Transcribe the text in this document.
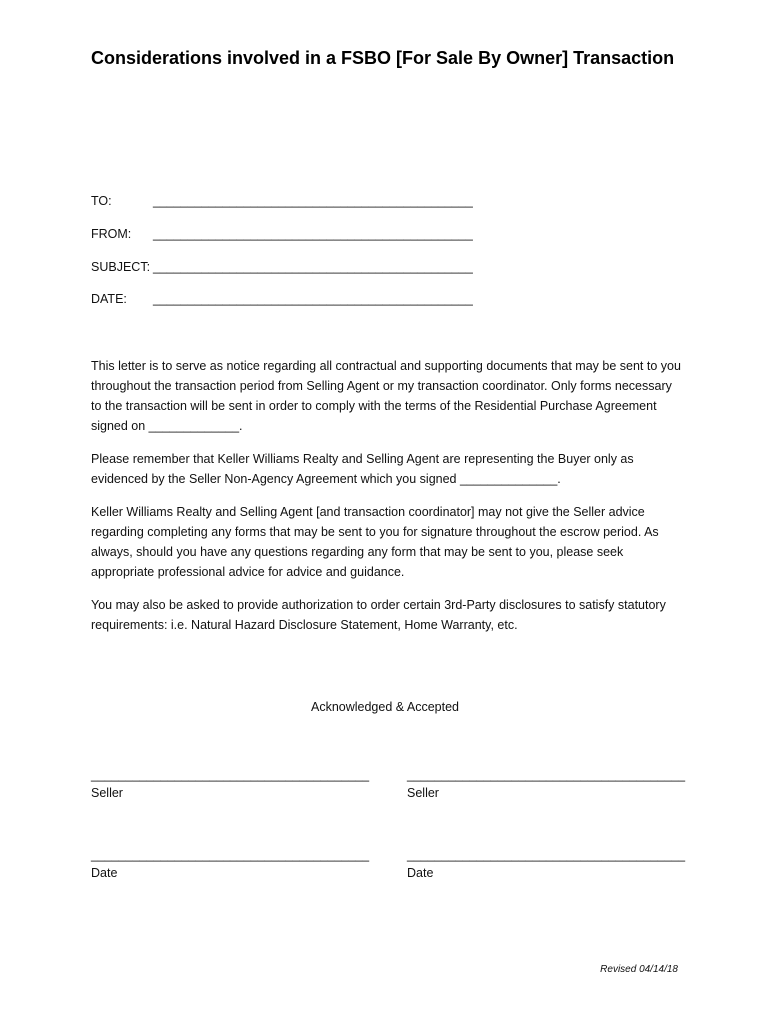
Considerations involved in a FSBO [For Sale By Owner] Transaction
TO:	______________________________________________
FROM: ______________________________________________
SUBJECT: ______________________________________________
DATE: ______________________________________________

This letter is to serve as notice regarding all contractual and supporting documents that may be sent to you throughout the transaction period from Selling Agent or my transaction coordinator. Only forms necessary to the transaction will be sent in order to comply with the terms of the Residential Purchase Agreement signed on _____________.

Please remember that Keller Williams Realty and Selling Agent are representing the Buyer only as evidenced by the Seller Non-Agency Agreement which you signed ______________.

Keller Williams Realty and Selling Agent [and transaction coordinator] may not give the Seller advice regarding completing any forms that may be sent to you for signature throughout the escrow period. As always, should you have any questions regarding any form that may be sent to you, please seek appropriate professional advice for advice and guidance.

You may also be asked to provide authorization to order certain 3rd-Party disclosures to satisfy statutory requirements: i.e. Natural Hazard Disclosure Statement, Home Warranty, etc.

Acknowledged & Accepted
________________________________________
Seller
________________________________________
Seller
________________________________________
Date
________________________________________
Date
Revised 04/14/18
